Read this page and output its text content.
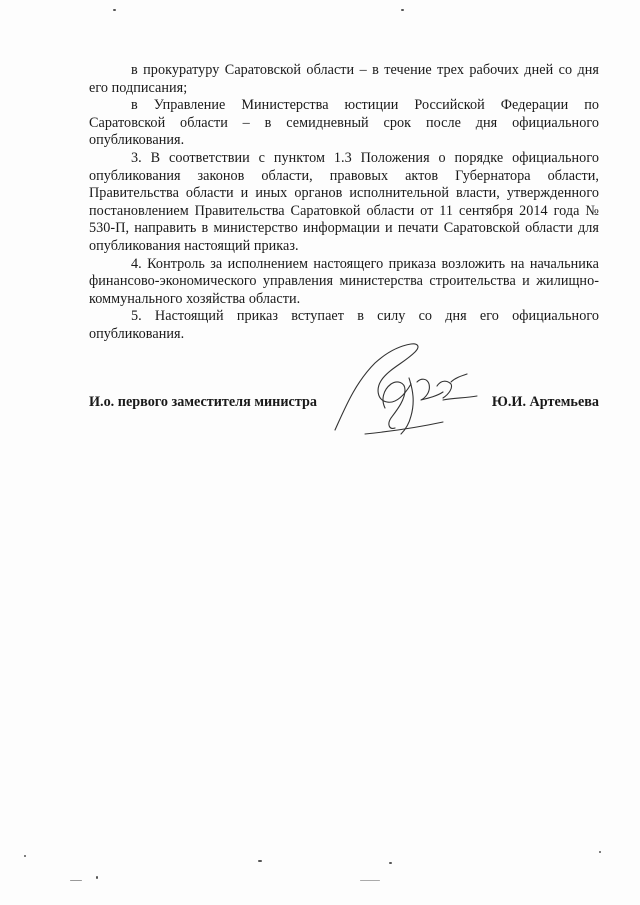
в прокуратуру Саратовской области – в течение трех рабочих дней со дня его подписания;

в Управление Министерства юстиции Российской Федерации по Саратовской области – в семидневный срок после дня официального опубликования.

3. В соответствии с пунктом 1.3 Положения о порядке официального опубликования законов области, правовых актов Губернатора области, Правительства области и иных органов исполнительной власти, утвержденного постановлением Правительства Саратовкой области от 11 сентября 2014 года № 530-П, направить в министерство информации и печати Саратовской области для опубликования настоящий приказ.

4. Контроль за исполнением настоящего приказа возложить на начальника финансово-экономического управления министерства строительства и жилищно-коммунального хозяйства области.

5. Настоящий приказ вступает в силу со дня его официального опубликования.

И.о. первого заместителя министра	Ю.И. Артемьева
